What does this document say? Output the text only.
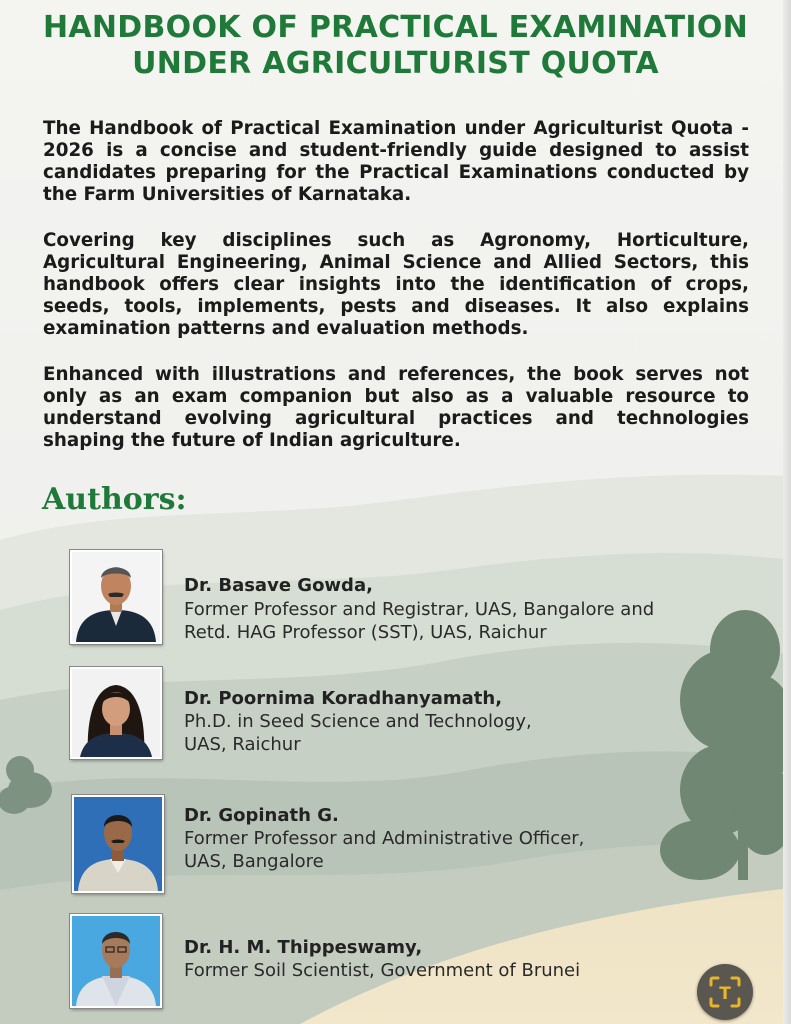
HANDBOOK OF PRACTICAL EXAMINATION
UNDER AGRICULTURIST QUOTA

The Handbook of Practical Examination under Agriculturist Quota - 2026 is a concise and student-friendly guide designed to assist candidates preparing for the Practical Examinations conducted by the Farm Universities of Karnataka.

Covering key disciplines such as Agronomy, Horticulture, Agricultural Engineering, Animal Science and Allied Sectors, this handbook offers clear insights into the identification of crops, seeds, tools, implements, pests and diseases. It also explains examination patterns and evaluation methods.

Enhanced with illustrations and references, the book serves not only as an exam companion but also as a valuable resource to understand evolving agricultural practices and technologies shaping the future of Indian agriculture.

Authors:
Dr. Basave Gowda,
Former Professor and Registrar, UAS, Bangalore and
Retd. HAG Professor (SST), UAS, Raichur
Dr. Poornima Koradhanyamath,
Ph.D. in Seed Science and Technology,
UAS, Raichur
Dr. Gopinath G.
Former Professor and Administrative Officer,
UAS, Bangalore
Dr. H. M. Thippeswamy,
Former Soil Scientist, Government of Brunei
T
